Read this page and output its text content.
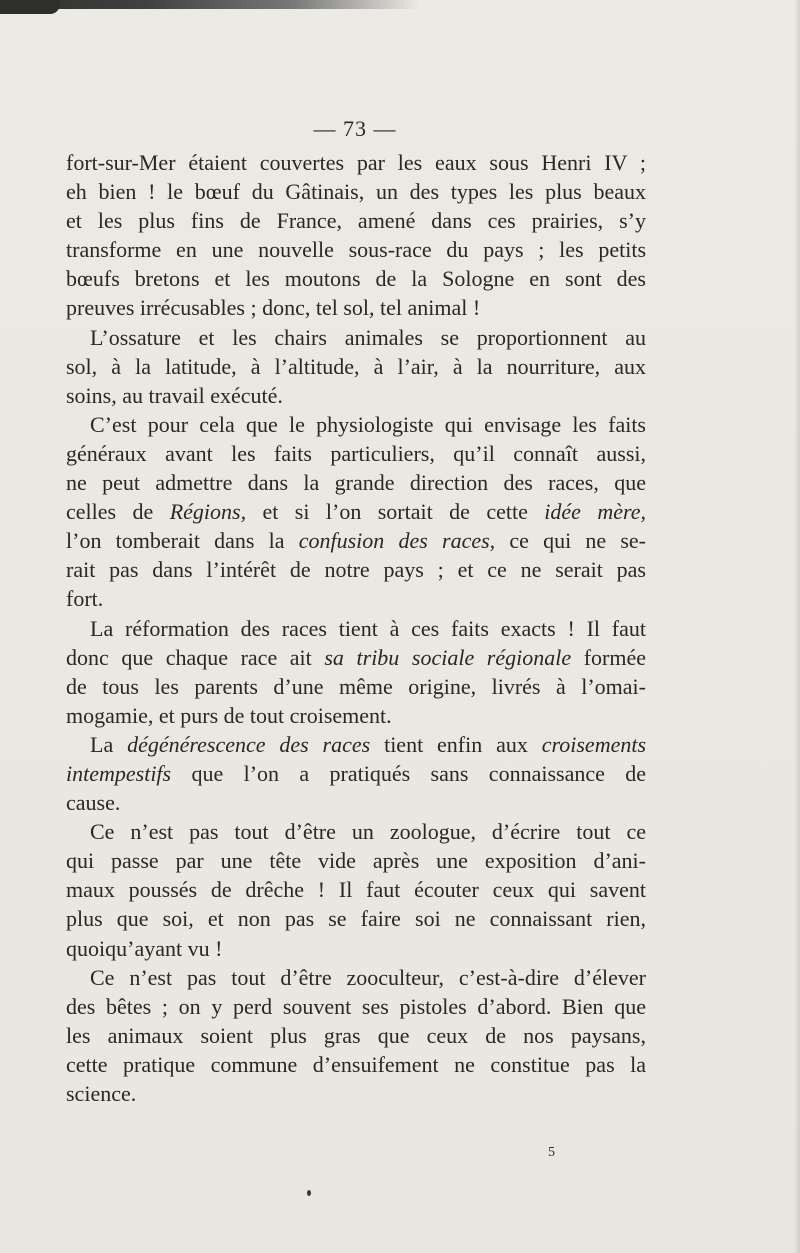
— 73 —
fort-sur-Mer étaient couvertes par les eaux sous Henri IV ;
eh bien ! le bœuf du Gâtinais, un des types les plus beaux
et les plus fins de France, amené dans ces prairies, s’y
transforme en une nouvelle sous-race du pays ; les petits
bœufs bretons et les moutons de la Sologne en sont des
preuves irrécusables ; donc, tel sol, tel animal !
L’ossature et les chairs animales se proportionnent au
sol, à la latitude, à l’altitude, à l’air, à la nourriture, aux
soins, au travail exécuté.
C’est pour cela que le physiologiste qui envisage les faits
généraux avant les faits particuliers, qu’il connaît aussi,
ne peut admettre dans la grande direction des races, que
celles de Régions, et si l’on sortait de cette idée mère,
l’on tomberait dans la confusion des races, ce qui ne se-
rait pas dans l’intérêt de notre pays ; et ce ne serait pas
fort.
La réformation des races tient à ces faits exacts ! Il faut
donc que chaque race ait sa tribu sociale régionale formée
de tous les parents d’une même origine, livrés à l’omai-
mogamie, et purs de tout croisement.
La dégénérescence des races tient enfin aux croisements
intempestifs que l’on a pratiqués sans connaissance de
cause.
Ce n’est pas tout d’être un zoologue, d’écrire tout ce
qui passe par une tête vide après une exposition d’ani-
maux poussés de drêche ! Il faut écouter ceux qui savent
plus que soi, et non pas se faire soi ne connaissant rien,
quoiqu’ayant vu !
Ce n’est pas tout d’être zooculteur, c’est-à-dire d’élever
des bêtes ; on y perd souvent ses pistoles d’abord. Bien que
les animaux soient plus gras que ceux de nos paysans,
cette pratique commune d’ensuifement ne constitue pas la
science.
5
